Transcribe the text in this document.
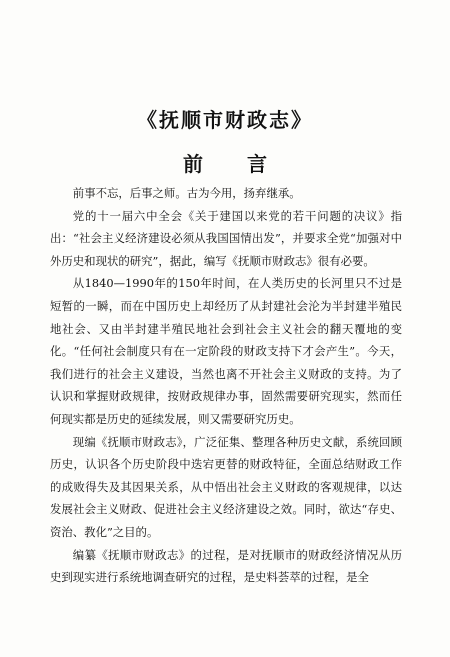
《抚顺市财政志》
前 言

前事不忘，后事之师。古为今用，扬弃继承。

党的十一届六中全会《关于建国以来党的若干问题的决议》指出：“社会主义经济建设必须从我国国情出发”，并要求全党“加强对中外历史和现状的研究”，据此，编写《抚顺市财政志》很有必要。

从1840—1990年的150年时间，在人类历史的长河里只不过是短暂的一瞬，而在中国历史上却经历了从封建社会沦为半封建半殖民地社会、又由半封建半殖民地社会到社会主义社会的翻天覆地的变化。“任何社会制度只有在一定阶段的财政支持下才会产生”。今天，我们进行的社会主义建设，当然也离不开社会主义财政的支持。为了认识和掌握财政规律，按财政规律办事，固然需要研究现实，然而任何现实都是历史的延续发展，则又需要研究历史。

现编《抚顺市财政志》，广泛征集、整理各种历史文献，系统回顾历史，认识各个历史阶段中迭宕更替的财政特征，全面总结财政工作的成败得失及其因果关系，从中悟出社会主义财政的客观规律，以达发展社会主义财政、促进社会主义经济建设之效。同时，欲达“存史、资治、教化”之目的。

编纂《抚顺市财政志》的过程，是对抚顺市的财政经济情况从历史到现实进行系统地调查研究的过程，是史料荟萃的过程，是全
